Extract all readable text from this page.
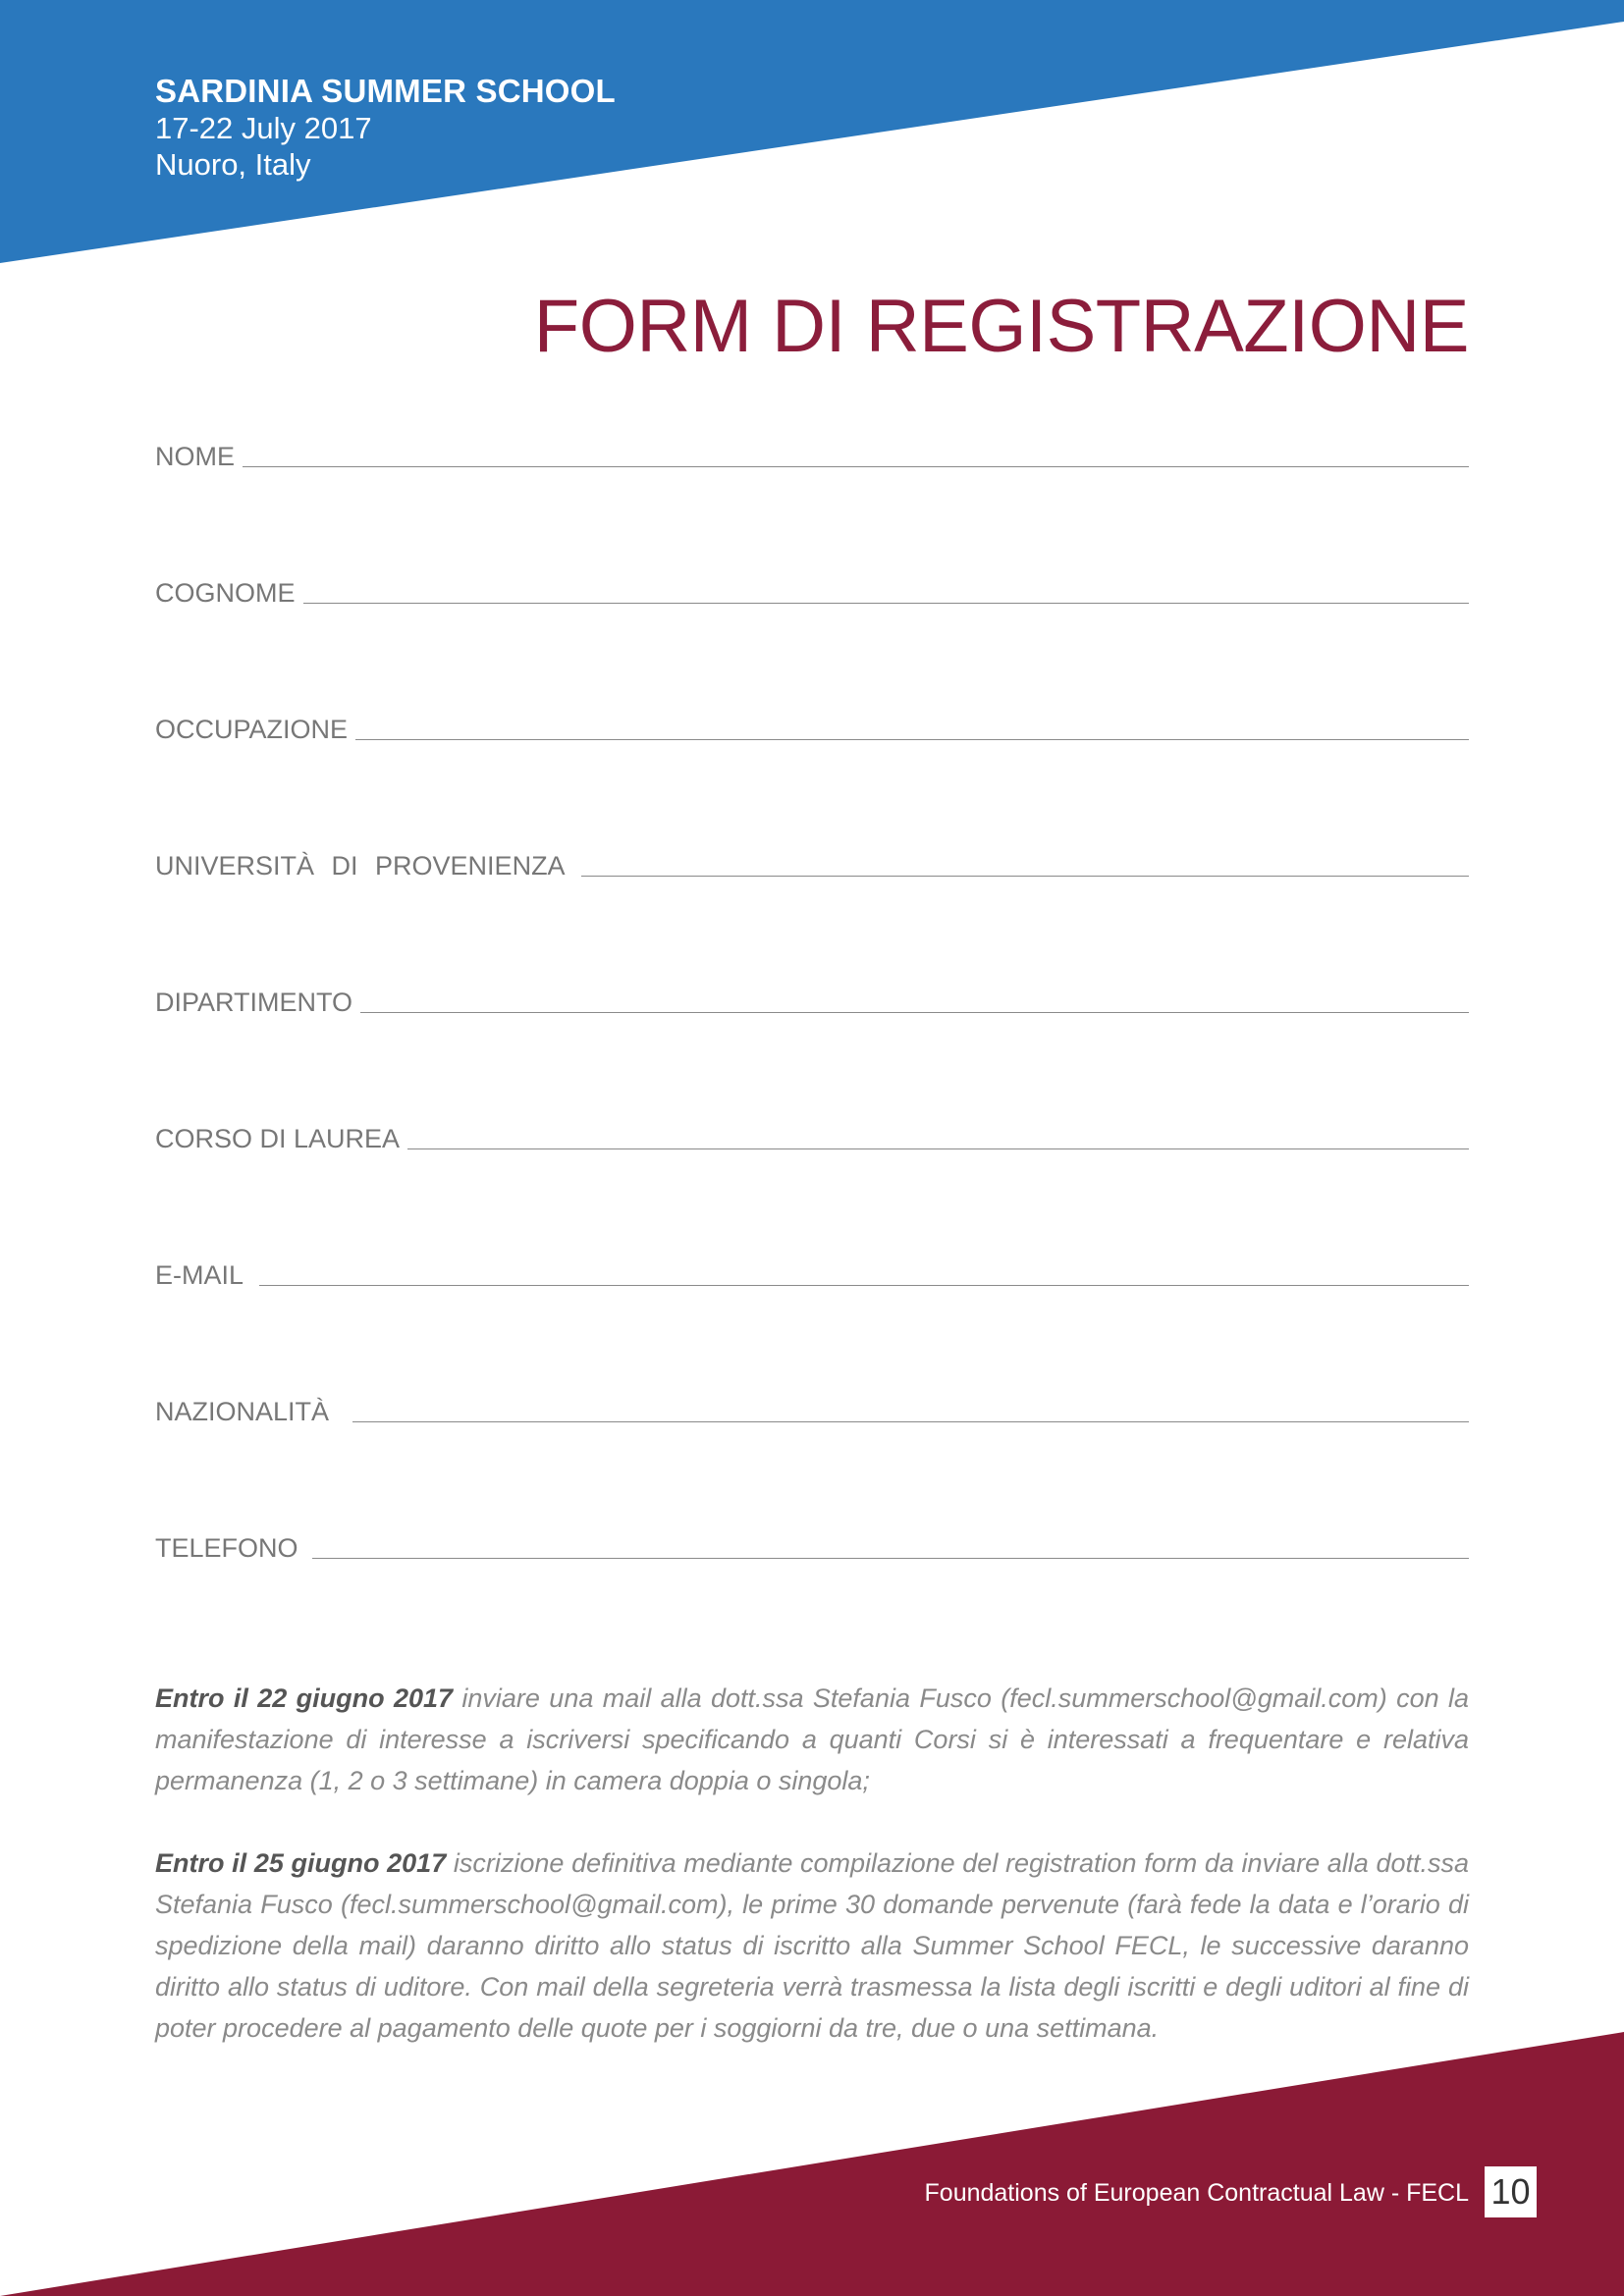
SARDINIA SUMMER SCHOOL
17-22 July 2017
Nuoro, Italy
FORM DI REGISTRAZIONE
NOME
COGNOME
OCCUPAZIONE
UNIVERSITÀ DI PROVENIENZA
DIPARTIMENTO
CORSO DI LAUREA
E-MAIL
NAZIONALITÀ
TELEFONO
Entro il 22 giugno 2017 inviare una mail alla dott.ssa Stefania Fusco (fecl.summerschool@gmail.com) con la manifestazione di interesse a iscriversi specificando a quanti Corsi si è interessati a frequentare e relativa permanenza (1, 2 o 3 settimane) in camera doppia o singola;
Entro il 25 giugno 2017 iscrizione definitiva mediante compilazione del registration form da inviare alla dott.ssa Stefania Fusco (fecl.summerschool@gmail.com), le prime 30 domande pervenute (farà fede la data e l’orario di spedizione della mail) daranno diritto allo status di iscritto alla Summer School FECL, le successive daranno diritto allo status di uditore. Con mail della segreteria verrà trasmessa la lista degli iscritti e degli uditori al fine di poter procedere al pagamento delle quote per i soggiorni da tre, due o una settimana.
Foundations of European Contractual Law - FECL 10
